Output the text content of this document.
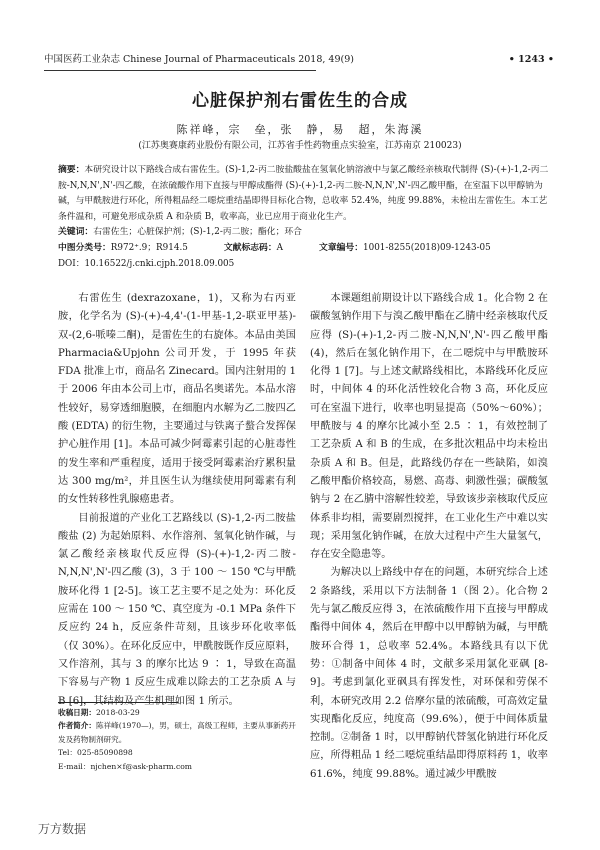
中国医药工业杂志 Chinese Journal of Pharmaceuticals 2018, 49(9)	• 1243 •
心脏保护剂右雷佐生的合成
陈祥峰，宗　垒，张　静，易　超，朱海溪
(江苏奥赛康药业股份有限公司，江苏省手性药物重点实验室，江苏南京 210023)
摘要：本研究设计以下路线合成右雷佐生。(S)-1,2-丙二胺盐酸盐在氢氧化钠溶液中与氯乙酸经亲核取代制得 (S)-(+)-1,2-丙二胺-N,N,N',N'-四乙酸，在浓硫酸作用下直接与甲醇成酯得 (S)-(+)-1,2-丙二胺-N,N,N',N'-四乙酸甲酯，在室温下以甲醇钠为碱，与甲酰胺进行环化，所得粗品经二噁烷重结晶即得目标化合物，总收率 52.4%，纯度 99.88%，未检出左雷佐生。本工艺条件温和，可避免形成杂质 A 和杂质 B，收率高，业已应用于商业化生产。
关键词：右雷佐生；心脏保护剂；(S)-1,2-丙二胺；酯化；环合
中图分类号：R972⁺.9；R914.5	文献标志码：A	文章编号：1001-8255(2018)09-1243-05
DOI：10.16522/j.cnki.cjph.2018.09.005

右雷佐生 (dexrazoxane，1)，又称为右丙亚胺，化学名为 (S)-(+)-4,4'-(1-甲基-1,2-联亚甲基)-双-(2,6-哌嗪二酮)，是雷佐生的右旋体。本品由美国 Pharmacia&Upjohn 公司开发，于 1995 年获 FDA 批准上市，商品名 Zinecard。国内注射用的 1 于 2006 年由本公司上市，商品名奥诺先。本品水溶性较好，易穿透细胞膜，在细胞内水解为乙二胺四乙酸 (EDTA) 的衍生物，主要通过与铁离子螯合发挥保护心脏作用 [1]。本品可减少阿霉素引起的心脏毒性的发生率和严重程度，适用于接受阿霉素治疗累积量达 300 mg/m²，并且医生认为继续使用阿霉素有利的女性转移性乳腺癌患者。

目前报道的产业化工艺路线以 (S)-1,2-丙二胺盐酸盐 (2) 为起始原料、水作溶剂、氢氧化钠作碱，与氯乙酸经亲核取代反应得 (S)-(+)-1,2-丙二胺-N,N,N',N'-四乙酸 (3)，3 于 100 ～ 150 ℃与甲酰胺环化得 1 [2-5]。该工艺主要不足之处为：环化反应需在 100 ～ 150 ℃、真空度为 -0.1 MPa 条件下反应约 24 h，反应条件苛刻，且该步环化收率低（仅 30%）。在环化反应中，甲酰胺既作反应原料，又作溶剂，其与 3 的摩尔比达 9 ∶ 1，导致在高温下容易与产物 1 反应生成难以除去的工艺杂质 A 与 B [6]，其结构及产生机理如图 1 所示。

本课题组前期设计以下路线合成 1。化合物 2 在碳酸氢钠作用下与溴乙酸甲酯在乙腈中经亲核取代反应得 (S)-(+)-1,2-丙二胺-N,N,N',N'-四乙酸甲酯 (4)，然后在氢化钠作用下，在二噁烷中与甲酰胺环化得 1 [7]。与上述文献路线相比，本路线环化反应时，中间体 4 的环化活性较化合物 3 高，环化反应可在室温下进行，收率也明显提高（50%～60%）；甲酰胺与 4 的摩尔比减小至 2.5 ∶ 1，有效控制了工艺杂质 A 和 B 的生成，在多批次粗品中均未检出杂质 A 和 B。但是，此路线仍存在一些缺陷，如溴乙酸甲酯价格较高，易燃、高毒、刺激性强；碳酸氢钠与 2 在乙腈中溶解性较差，导致该步亲核取代反应体系非均相，需要剧烈搅拌，在工业化生产中难以实现；采用氢化钠作碱，在放大过程中产生大量氢气，存在安全隐患等。

为解决以上路线中存在的问题，本研究综合上述 2 条路线，采用以下方法制备 1（图 2）。化合物 2 先与氯乙酸反应得 3，在浓硫酸作用下直接与甲醇成酯得中间体 4，然后在甲醇中以甲醇钠为碱，与甲酰胺环合得 1，总收率 52.4%。本路线具有以下优势：①制备中间体 4 时，文献多采用氯化亚砜 [8-9]。考虑到氯化亚砜具有挥发性，对环保和劳保不利，本研究改用 2.2 倍摩尔量的浓硫酸，可高效定量实现酯化反应，纯度高（99.6%），便于中间体质量控制。②制备 1 时，以甲醇钠代替氢化钠进行环化反应，所得粗品 1 经二噁烷重结晶即得原料药 1，收率 61.6%，纯度 99.88%。通过减少甲酰胺

收稿日期：2018-03-29
作者简介：陈祥峰(1970—)，男，硕士，高级工程师，主要从事新药开发及药物制剂研究。
Tel：025-85090898
E-mail：njchen×f@ask-pharm.com
万方数据
